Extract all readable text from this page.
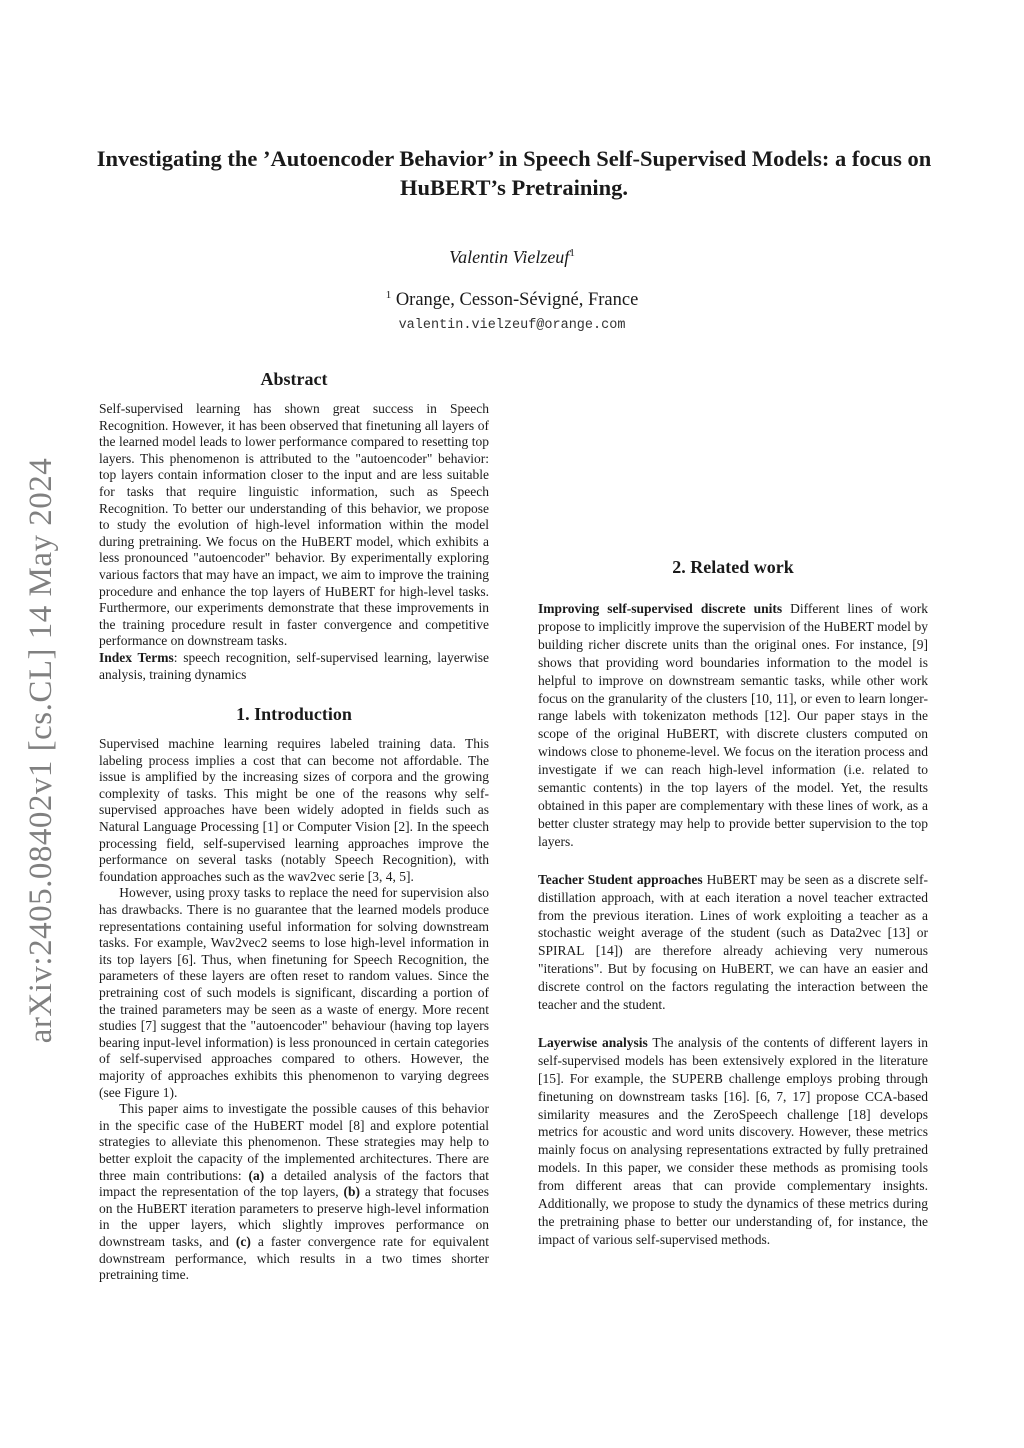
arXiv:2405.08402v1 [cs.CL] 14 May 2024
Investigating the ’Autoencoder Behavior’ in Speech Self-Supervised Models: a focus on HuBERT’s Pretraining.
Valentin Vielzeuf$^1$
$^1$ Orange, Cesson-Sévigné, France
valentin.vielzeuf@orange.com
Abstract

Self-supervised learning has shown great success in Speech Recognition. However, it has been observed that finetuning all layers of the learned model leads to lower performance compared to resetting top layers. This phenomenon is attributed to the "autoencoder" behavior: top layers contain information closer to the input and are less suitable for tasks that require linguistic information, such as Speech Recognition. To better our understanding of this behavior, we propose to study the evolution of high-level information within the model during pretraining. We focus on the HuBERT model, which exhibits a less pronounced "autoencoder" behavior. By experimentally exploring various factors that may have an impact, we aim to improve the training procedure and enhance the top layers of HuBERT for high-level tasks. Furthermore, our experiments demonstrate that these improvements in the training procedure result in faster convergence and competitive performance on downstream tasks.

Index Terms: speech recognition, self-supervised learning, layerwise analysis, training dynamics

1. Introduction

Supervised machine learning requires labeled training data. This labeling process implies a cost that can become not affordable. The issue is amplified by the increasing sizes of corpora and the growing complexity of tasks. This might be one of the reasons why self-supervised approaches have been widely adopted in fields such as Natural Language Processing [1] or Computer Vision [2]. In the speech processing field, self-supervised learning approaches improve the performance on several tasks (notably Speech Recognition), with foundation approaches such as the wav2vec serie [3, 4, 5].

However, using proxy tasks to replace the need for supervision also has drawbacks. There is no guarantee that the learned models produce representations containing useful information for solving downstream tasks. For example, Wav2vec2 seems to lose high-level information in its top layers [6]. Thus, when finetuning for Speech Recognition, the parameters of these layers are often reset to random values. Since the pretraining cost of such models is significant, discarding a portion of the trained parameters may be seen as a waste of energy. More recent studies [7] suggest that the "autoencoder" behaviour (having top layers bearing input-level information) is less pronounced in certain categories of self-supervised approaches compared to others. However, the majority of approaches exhibits this phenomenon to varying degrees (see Figure 1).

This paper aims to investigate the possible causes of this behavior in the specific case of the HuBERT model [8] and explore potential strategies to alleviate this phenomenon. These strategies may help to better exploit the capacity of the implemented architectures. There are three main contributions: (a) a detailed analysis of the factors that impact the representation of the top layers, (b) a strategy that focuses on the HuBERT iteration parameters to preserve high-level information in the upper layers, which slightly improves performance on downstream tasks, and (c) a faster convergence rate for equivalent downstream performance, which results in a two times shorter pretraining time.

2. Related work

Improving self-supervised discrete units Different lines of work propose to implicitly improve the supervision of the HuBERT model by building richer discrete units than the original ones. For instance, [9] shows that providing word boundaries information to the model is helpful to improve on downstream semantic tasks, while other work focus on the granularity of the clusters [10, 11], or even to learn longer-range labels with tokenizaton methods [12]. Our paper stays in the scope of the original HuBERT, with discrete clusters computed on windows close to phoneme-level. We focus on the iteration process and investigate if we can reach high-level information (i.e. related to semantic contents) in the top layers of the model. Yet, the results obtained in this paper are complementary with these lines of work, as a better cluster strategy may help to provide better supervision to the top layers.

Teacher Student approaches HuBERT may be seen as a discrete self-distillation approach, with at each iteration a novel teacher extracted from the previous iteration. Lines of work exploiting a teacher as a stochastic weight average of the student (such as Data2vec [13] or SPIRAL [14]) are therefore already achieving very numerous "iterations". But by focusing on HuBERT, we can have an easier and discrete control on the factors regulating the interaction between the teacher and the student.

Layerwise analysis The analysis of the contents of different layers in self-supervised models has been extensively explored in the literature [15]. For example, the SUPERB challenge employs probing through finetuning on downstream tasks [16]. [6, 7, 17] propose CCA-based similarity measures and the ZeroSpeech challenge [18] develops metrics for acoustic and word units discovery. However, these metrics mainly focus on analysing representations extracted by fully pretrained models. In this paper, we consider these methods as promising tools from different areas that can provide complementary insights. Additionally, we propose to study the dynamics of these metrics during the pretraining phase to better our understanding of, for instance, the impact of various self-supervised methods.
